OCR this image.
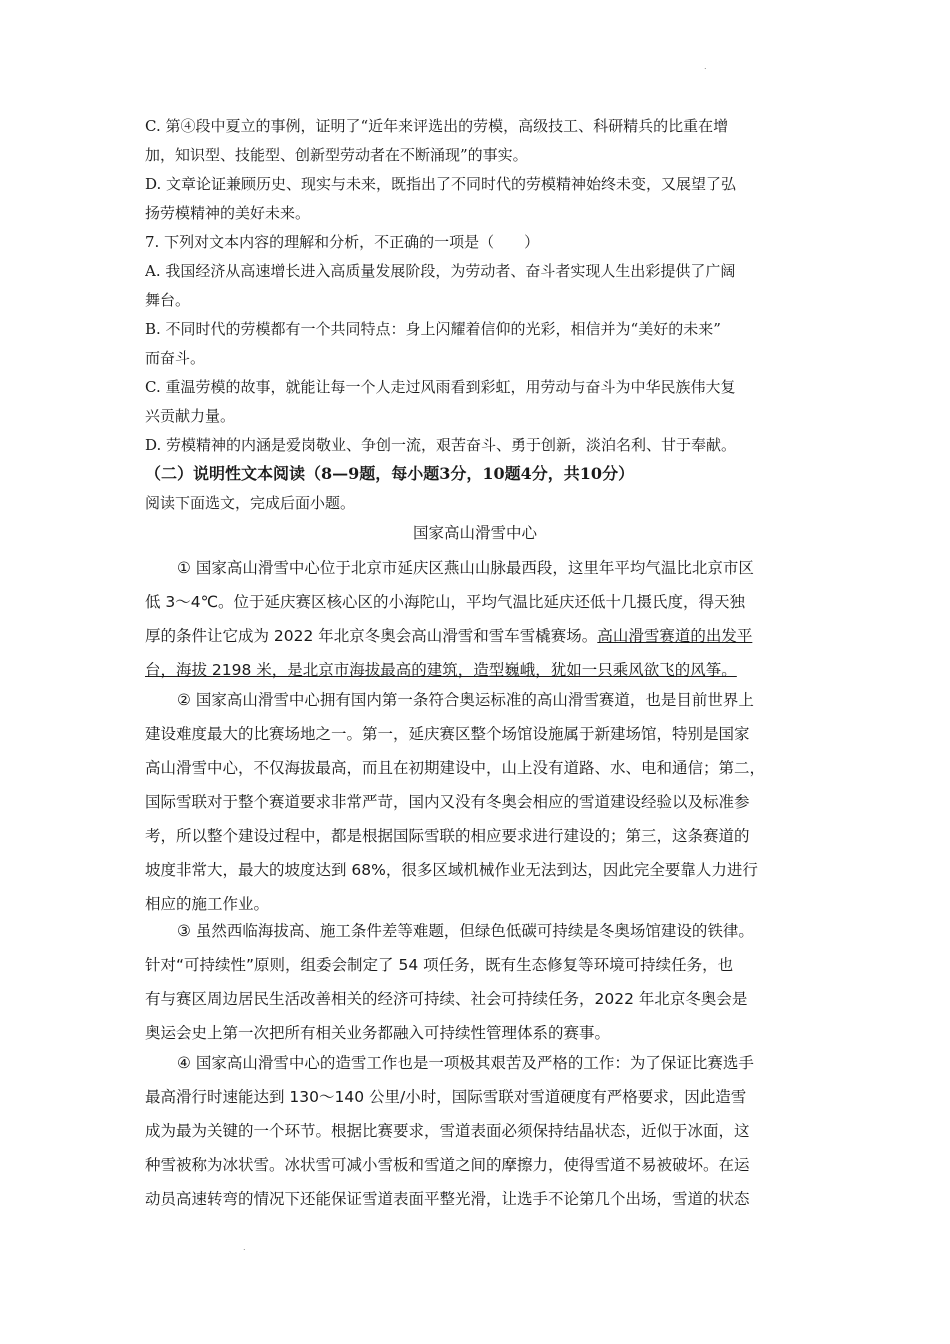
.
C. 第④段中夏立的事例，证明了“近年来评选出的劳模，高级技工、科研精兵的比重在增
加，知识型、技能型、创新型劳动者在不断涌现”的事实。
D. 文章论证兼顾历史、现实与未来，既指出了不同时代的劳模精神始终未变，又展望了弘
扬劳模精神的美好未来。
7. 下列对文本内容的理解和分析，不正确的一项是（　　）
A. 我国经济从高速增长进入高质量发展阶段，为劳动者、奋斗者实现人生出彩提供了广阔
舞台。
B. 不同时代的劳模都有一个共同特点：身上闪耀着信仰的光彩，相信并为“美好的未来”
而奋斗。
C. 重温劳模的故事，就能让每一个人走过风雨看到彩虹，用劳动与奋斗为中华民族伟大复
兴贡献力量。
D. 劳模精神的内涵是爱岗敬业、争创一流，艰苦奋斗、勇于创新，淡泊名利、甘于奉献。
（二）说明性文本阅读（8—9题，每小题3分，10题4分，共10分）
阅读下面选文，完成后面小题。
国家高山滑雪中心
① 国家高山滑雪中心位于北京市延庆区燕山山脉最西段，这里年平均气温比北京市区
低 3～4℃。位于延庆赛区核心区的小海陀山，平均气温比延庆还低十几摄氏度，得天独
厚的条件让它成为 2022 年北京冬奥会高山滑雪和雪车雪橇赛场。高山滑雪赛道的出发平
台，海拔 2198 米，是北京市海拔最高的建筑，造型巍峨，犹如一只乘风欲飞的风筝。
② 国家高山滑雪中心拥有国内第一条符合奥运标准的高山滑雪赛道，也是目前世界上
建设难度最大的比赛场地之一。第一，延庆赛区整个场馆设施属于新建场馆，特别是国家
高山滑雪中心，不仅海拔最高，而且在初期建设中，山上没有道路、水、电和通信；第二，
国际雪联对于整个赛道要求非常严苛，国内又没有冬奥会相应的雪道建设经验以及标准参
考，所以整个建设过程中，都是根据国际雪联的相应要求进行建设的；第三，这条赛道的
坡度非常大，最大的坡度达到 68%，很多区域机械作业无法到达，因此完全要靠人力进行
相应的施工作业。
③ 虽然西临海拔高、施工条件差等难题，但绿色低碳可持续是冬奥场馆建设的铁律。
针对“可持续性”原则，组委会制定了 54 项任务，既有生态修复等环境可持续任务，也
有与赛区周边居民生活改善相关的经济可持续、社会可持续任务，2022 年北京冬奥会是
奥运会史上第一次把所有相关业务都融入可持续性管理体系的赛事。
④ 国家高山滑雪中心的造雪工作也是一项极其艰苦及严格的工作：为了保证比赛选手
最高滑行时速能达到 130～140 公里/小时，国际雪联对雪道硬度有严格要求，因此造雪
成为最为关键的一个环节。根据比赛要求，雪道表面必须保持结晶状态，近似于冰面，这
种雪被称为冰状雪。冰状雪可减小雪板和雪道之间的摩擦力，使得雪道不易被破坏。在运
动员高速转弯的情况下还能保证雪道表面平整光滑，让选手不论第几个出场，雪道的状态
.
